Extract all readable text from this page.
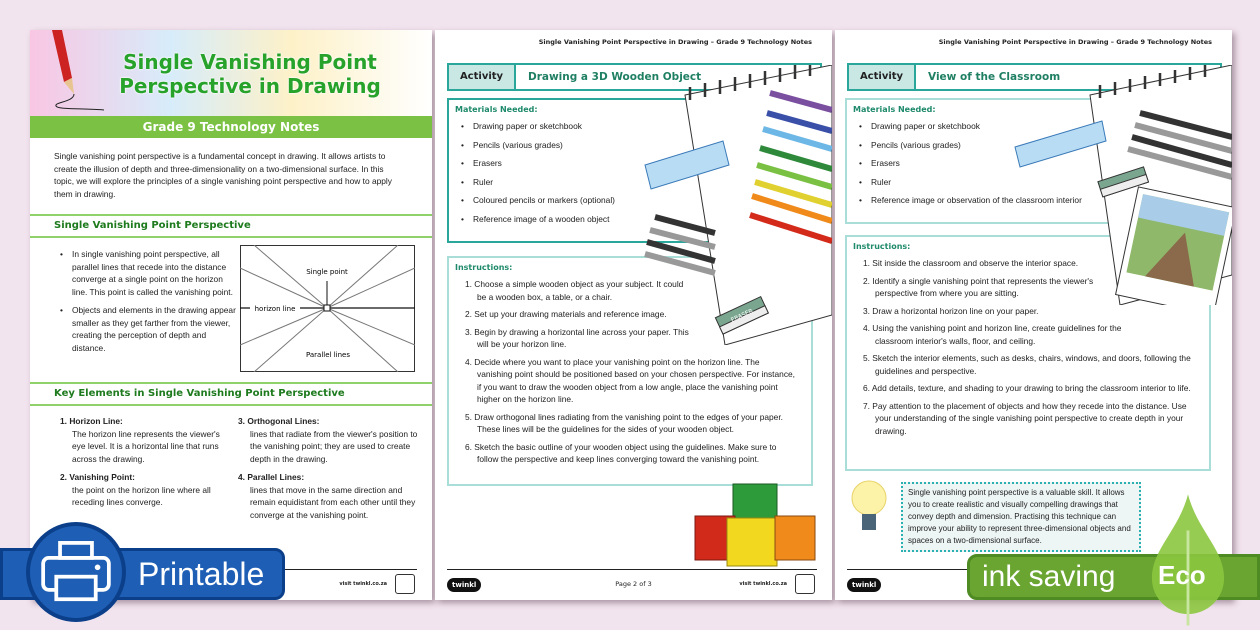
Single Vanishing Point
Perspective in Drawing
Grade 9 Technology Notes

Single vanishing point perspective is a fundamental concept in drawing. It allows artists to create the illusion of depth and three-dimensionality on a two-dimensional surface. In this topic, we will explore the principles of a single vanishing point perspective and how to apply them in drawing.

Single Vanishing Point Perspective
• In single vanishing point perspective, all parallel lines that recede into the distance converge at a single point on the horizon line. This point is called the vanishing point.
• Objects and elements in the drawing appear smaller as they get farther from the viewer, creating the perception of depth and distance.
Single point
horizon line
Parallel lines
Key Elements in Single Vanishing Point Perspective
1. Horizon Line:
The horizon line represents the viewer's eye level. It is a horizontal line that runs across the drawing.
2. Vanishing Point:
the point on the horizon line where all receding lines converge.
3. Orthogonal Lines:
lines that radiate from the viewer's position to the vanishing point; they are used to create depth in the drawing.
4. Parallel Lines:
lines that move in the same direction and remain equidistant from each other until they converge at the vanishing point.
visit twinkl.co.za
Single Vanishing Point Perspective in Drawing – Grade 9 Technology Notes
Activity	Drawing a 3D Wooden Object
Materials Needed:
• Drawing paper or sketchbook
• Pencils (various grades)
• Erasers
• Ruler
• Coloured pencils or markers (optional)
• Reference image of a wooden object
Instructions:
1. Choose a simple wooden object as your subject. It could be a wooden box, a table, or a chair.
2. Set up your drawing materials and reference image.
3. Begin by drawing a horizontal line across your paper. This will be your horizon line.
4. Decide where you want to place your vanishing point on the horizon line. The vanishing point should be positioned based on your chosen perspective. For instance, if you want to draw the wooden object from a low angle, place the vanishing point higher on the horizon line.
5. Draw orthogonal lines radiating from the vanishing point to the edges of your paper. These lines will be the guidelines for the sides of your wooden object.
6. Sketch the basic outline of your wooden object using the guidelines. Make sure to follow the perspective and keep lines converging toward the vanishing point.
ERASER
twinkl	Page 2 of 3	visit twinkl.co.za
Single Vanishing Point Perspective in Drawing – Grade 9 Technology Notes
Activity	View of the Classroom
Materials Needed:
• Drawing paper or sketchbook
• Pencils (various grades)
• Erasers
• Ruler
• Reference image or observation of the classroom interior
Instructions:
1. Sit inside the classroom and observe the interior space.
2. Identify a single vanishing point that represents the viewer's perspective from where you are sitting.
3. Draw a horizontal horizon line on your paper.
4. Using the vanishing point and horizon line, create guidelines for the classroom interior's walls, floor, and ceiling.
5. Sketch the interior elements, such as desks, chairs, windows, and doors, following the guidelines and perspective.
6. Add details, texture, and shading to your drawing to bring the classroom interior to life.
7. Pay attention to the placement of objects and how they recede into the distance. Use your understanding of the single vanishing point perspective to create depth in your drawing.
Single vanishing point perspective is a valuable skill. It allows you to create realistic and visually compelling drawings that convey depth and dimension. Practising this technique can improve your ability to represent three-dimensional objects and spaces on a two-dimensional surface.
twinkl
Printable	ink saving Eco
